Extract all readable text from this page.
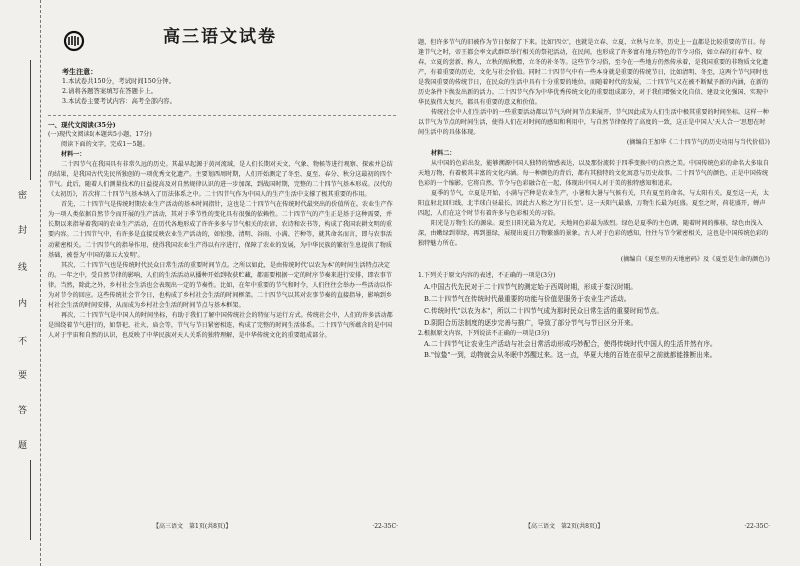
密
封
线
内
不
要
答
题
高三语文试卷
考生注意：
1.本试卷共150分，考试时间150分钟。
2.请将各题答案填写在答题卡上。
3.本试卷主要考试内容：高考全部内容。
一、现代文阅读(35分)

(一)现代文阅读Ⅰ(本题共5小题，17分)

阅读下面的文字，完成1～5题。

材料一：

二十四节气在我国具有非常久远的历史。其最早起源于黄河流域，是人们长期对天文、气象、物候等进行观察、探索并总结的结果，是我国古代先民所独创的一项优秀文化遗产。主要划西周时期，人们开始测定了冬至、夏至、春分、秋分这最初的四个节气。此后，随着人们测量技术的日益提高及对自然规律认识的进一步加深，到战国时期，完整的二十四节气基本形成。汉代的《太初历》，首次将二十四节气基本纳入了历法体系之中。二十四节气作为中国人的生产生活中支撑了极其重要的作用。

首先，二十四节气是传统时期农业生产活动的基本时间指针，这也是二十四节气在传统时代最突出的价值所在。农业生产作为一项人类依据自然节令而开展的生产活动，其对于季节性的变化具有很强的依赖性。二十四节气的产生正是基于这种需要，并长期以来指导着我国的农业生产活动，在历代各地形成了许许多多与节气相关的农谚、农诗和农书等，构成了我国农耕文明的重要内容。二十四节气中，有许多是直接反映农业生产活动的，如惊蛰、清明、谷雨、小满、芒种等，就其命名而言，即与农事活动紧密相关。二十四节气的指导作用，使得我国农业生产得以有序进行，保障了农业的发展，为中华民族的繁衍生息提供了物质基础，被誉为'中国的第五大发明'。

其次，二十四节气也是传统时代民众日常生活的重要时间节点。之所以如此，是由传统时代'以农为本'的时间生活特点决定的。一年之中，受自然节律的影响，人们的生活活动从播种开始到收获贮藏，都需要根据一定的时序节奏来进行安排，即农事节律。当然，除此之外，乡村社会生活也会表现出一定的节奏性。比如，在年中重要的节气和时令，人们往往会举办一些活动以作为对节令的回应。这些传统社会节令日，也构成了乡村社会生活的时间框架。二十四节气以其对农事节奏的直接指导，影响到乡村社会生活的时间安排，从而成为乡村社会生活的时间节点与基本框架。

再次，二十四节气是中国人的时间坐标，有助于我们了解中国传统社会的特征与运行方式。传统社会中，人们的许多活动都是围绕着节气进行的，如祭祀、社火、庙会等，节气与节日紧密相连，构成了完整的时间生活体系。二十四节气所蕴含的是中国人对于宇宙和自然的认识，也反映了中华民族对天人关系的独特理解，是中华传统文化的重要组成部分。

【高三语文　第1页(共8页)】	·22-35C·

题，但许多节气的旧被作为节日保留了下来。比如'四立'，也就是立春、立夏、立秋与立冬，历史上一直都是比较重要的节日。每逢节气之时，帝王都会率文武群臣举行相关的祭祀活动，在民间，也形成了许多富有地方特色的节令习俗，如立春的打春牛、咬春，立夏的尝新、称人，立秋的贴秋膘，立冬的补冬等。这些节令习俗，至今在一些地方仍然传承着，是我国重要的非物质文化遗产，有着重要的历史、文化与社会价值。同时二十四节气中有一些本身就是重要的传统节日，比如清明、冬至，这两个节气同时也是我国重要的传统节日，在民众的生活中具有十分重要的地位。而随着时代的发展，二十四节气又在被不断赋予新的内涵，在新的历史条件下焕发出新的活力。二十四节气作为中华优秀传统文化的重要组成部分，对于我们增强文化自信、建设文化强国、实现中华民族伟大复兴，都具有重要的意义和价值。

传统社会中人们生活中的一些重要活动都以节气为时间节点来展开，节气因此成为人们生活中极其重要的时间坐标。这样一种以节气为节点的时间生活，使得人们在对时间的感知和利用中，与自然节律保持了高度的一致，这正是中国人'天人合一'思想在时间生活中的具体体现。

(摘编自王加华《二十四节气的历史功用与当代价值》)

材料二：

从中国的色彩出发，能够溯源中国人独特的情感表达，以及那份流转于四季变换中的自然之美。中国传统色彩的命名大多取自天地万物，有着极其丰富的文化内涵。每一种颜色的背后，都有其独特的文化寓意与历史故事。二十四节气的颜色，正是中国传统色彩的一个缩影，它将自然、节令与色彩融合在一起，体现出中国人对于美的独特感知和追求。

夏季的节气，立夏是开始，小满与芒种是农业生产，小暑和大暑与气候有关，只有夏至的命名，与太阳有关。夏至这一天，太阳直射北回归线，北半球白昼最长，因此古人称之为'日长至'。这一天阳气最盛，万物生长最为旺盛。夏至之时，荷花盛开，蝉声四起，人们在这个时节有着许多与色彩相关的习俗。

阳光是万物生长的源泉。夏至日阳光最为充足，天地间色彩最为浓烈。绿色是夏季的主色调，随着时间的推移，绿色由浅入深，由嫩绿到翠绿，再到墨绿，展现出夏日万物繁盛的景象。古人对于色彩的感知，往往与节令紧密相关，这也是中国传统色彩的独特魅力所在。

(摘编自《夏至里的天地密码》及《夏至是生命的颜色》)

1.下列关于原文内容的表述，不正确的一项是(3分)

A.中国古代先民对于二十四节气的测定始于西周时期，形成于秦汉时期。

B.二十四节气在传统时代最重要的功能与价值是服务于农业生产活动。

C.传统时代"以农为本"，所以二十四节气成为那时民众日常生活的重要时间节点。

D.阴阳合历法制度的逐步完善与推广，导致了部分节气与节日区分开来。

2.根据原文内容，下列说法不正确的一项是(3分)

A.二十四节气让农业生产活动与社会日常活动形成巧妙配合，使得传统时代中国人的生活井然有序。

B."惊蛰"一到，动物就会从冬眠中苏醒过来。这一点，华夏大地的百姓在很早之前就都能推断出来。

【高三语文　第2页(共8页)】	·22-35C·
